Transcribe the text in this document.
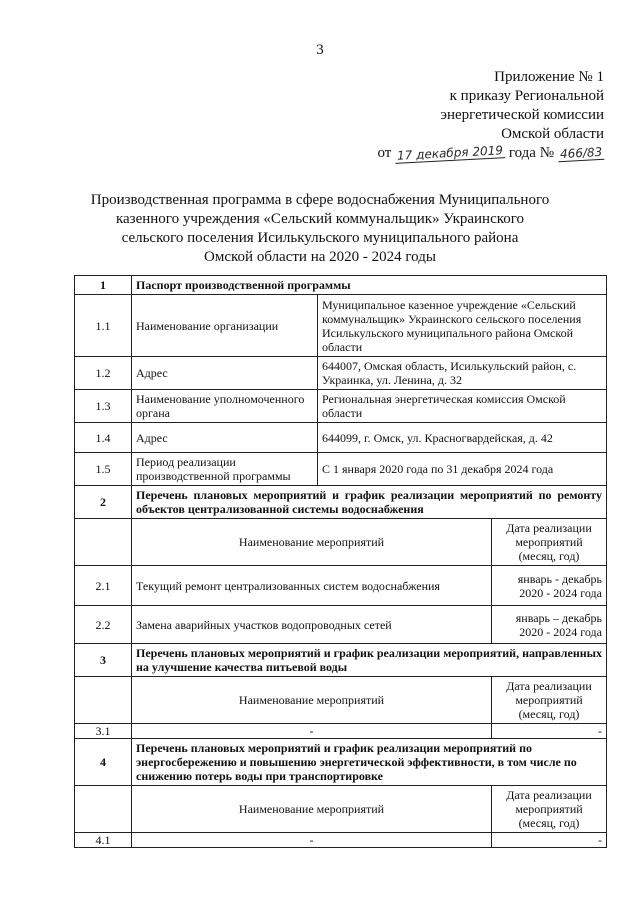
3
Приложение № 1
к приказу Региональной
энергетической комиссии
Омской области
от 17 декабря 2019 года № 466/83
Производственная программа в сфере водоснабжения Муниципального
казенного учреждения «Сельский коммунальщик» Украинского
сельского поселения Исилькульского муниципального района
Омской области на 2020 - 2024 годы
1	Паспорт производственной программы		
1.1	Наименование организации	Муниципальное казенное учреждение «Сельский коммунальщик» Украинского сельского поселения Исилькульского муниципального района Омской области	
1.2	Адрес	644007, Омская область, Исилькульский район, с. Украинка, ул. Ленина, д. 32	
1.3	Наименование уполномоченного органа	Региональная энергетическая комиссия Омской области	
1.4	Адрес	644099, г. Омск, ул. Красногвардейская, д. 42	
1.5	Период реализации производственной программы	С 1 января 2020 года по 31 декабря 2024 года	
2	Перечень плановых мероприятий и график реализации мероприятий по ремонту объектов централизованной системы водоснабжения		
	Наименование мероприятий		Дата реализации мероприятий (месяц, год)
2.1	Текущий ремонт централизованных систем водоснабжения		январь - декабрь 2020 - 2024 года
2.2	Замена аварийных участков водопроводных сетей		январь – декабрь 2020 - 2024 года
3	Перечень плановых мероприятий и график реализации мероприятий, направленных на улучшение качества питьевой воды		
	Наименование мероприятий		Дата реализации мероприятий (месяц, год)
3.1	-		-
4	Перечень плановых мероприятий и график реализации мероприятий по энергосбережению и повышению энергетической эффективности, в том числе по снижению потерь воды при транспортировке		
	Наименование мероприятий		Дата реализации мероприятий (месяц, год)
4.1	-		-
